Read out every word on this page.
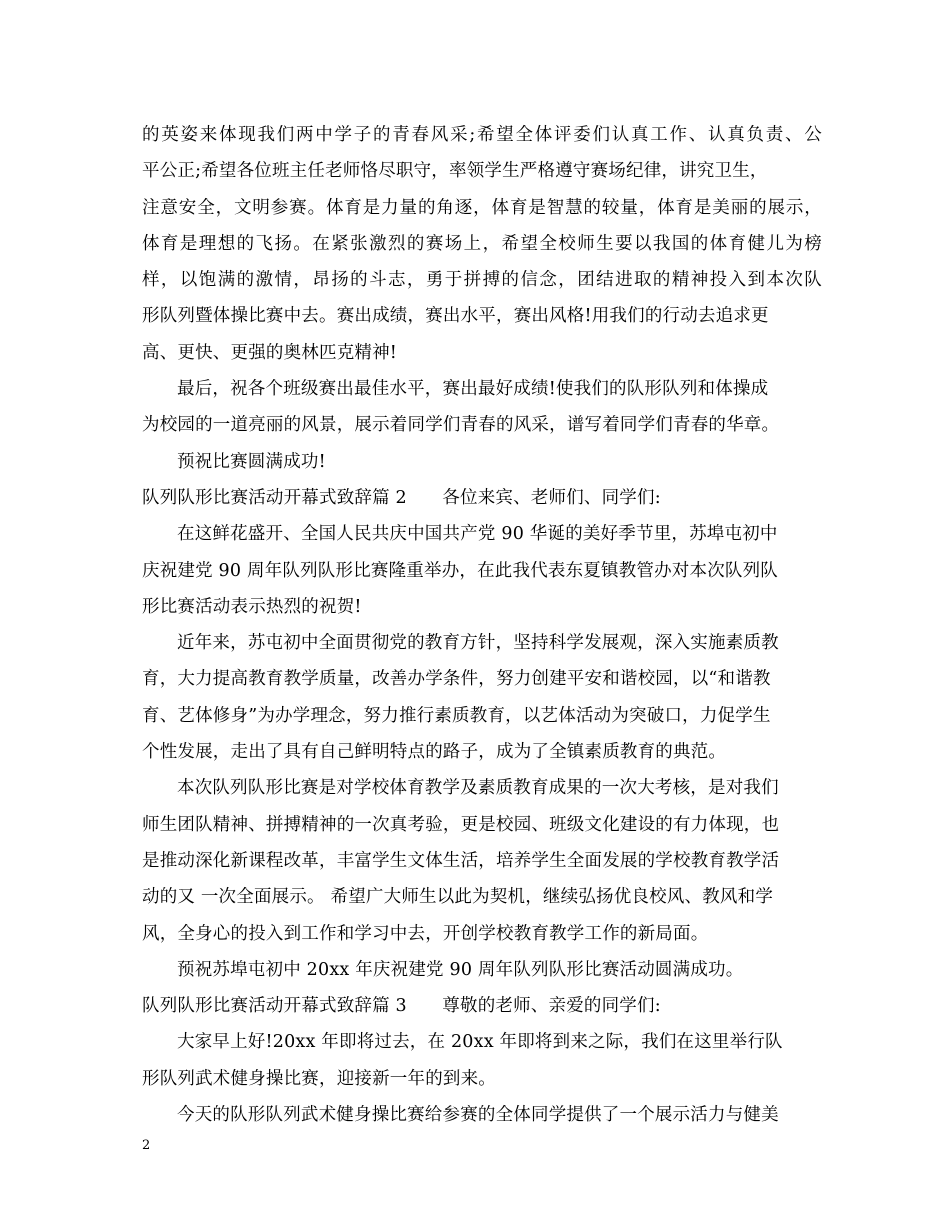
的英姿来体现我们两中学子的青春风采;希望全体评委们认真工作、认真负责、公
平公正;希望各位班主任老师恪尽职守，率领学生严格遵守赛场纪律，讲究卫生，
注意安全，文明参赛。体育是力量的角逐，体育是智慧的较量，体育是美丽的展示，
体育是理想的飞扬。在紧张激烈的赛场上，希望全校师生要以我国的体育健儿为榜
样，以饱满的激情，昂扬的斗志，勇于拼搏的信念，团结进取的精神投入到本次队
形队列暨体操比赛中去。赛出成绩，赛出水平，赛出风格!用我们的行动去追求更
高、更快、更强的奥林匹克精神!
最后，祝各个班级赛出最佳水平，赛出最好成绩!使我们的队形队列和体操成
为校园的一道亮丽的风景，展示着同学们青春的风采，谱写着同学们青春的华章。
预祝比赛圆满成功!
队列队形比赛活动开幕式致辞篇 2　　各位来宾、老师们、同学们:
在这鲜花盛开、全国人民共庆中国共产党 90 华诞的美好季节里，苏埠屯初中
庆祝建党 90 周年队列队形比赛隆重举办，在此我代表东夏镇教管办对本次队列队
形比赛活动表示热烈的祝贺!
近年来，苏屯初中全面贯彻党的教育方针，坚持科学发展观，深入实施素质教
育，大力提高教育教学质量，改善办学条件，努力创建平安和谐校园，以“和谐教
育、艺体修身”为办学理念，努力推行素质教育，以艺体活动为突破口，力促学生
个性发展，走出了具有自己鲜明特点的路子，成为了全镇素质教育的典范。
本次队列队形比赛是对学校体育教学及素质教育成果的一次大考核，是对我们
师生团队精神、拼搏精神的一次真考验，更是校园、班级文化建设的有力体现，也
是推动深化新课程改革，丰富学生文体生活，培养学生全面发展的学校教育教学活
动的又 一次全面展示。 希望广大师生以此为契机，继续弘扬优良校风、教风和学
风，全身心的投入到工作和学习中去，开创学校教育教学工作的新局面。
预祝苏埠屯初中 20xx 年庆祝建党 90 周年队列队形比赛活动圆满成功。
队列队形比赛活动开幕式致辞篇 3　　尊敬的老师、亲爱的同学们:
大家早上好!20xx 年即将过去，在 20xx 年即将到来之际，我们在这里举行队
形队列武术健身操比赛，迎接新一年的到来。
今天的队形队列武术健身操比赛给参赛的全体同学提供了一个展示活力与健美
2
